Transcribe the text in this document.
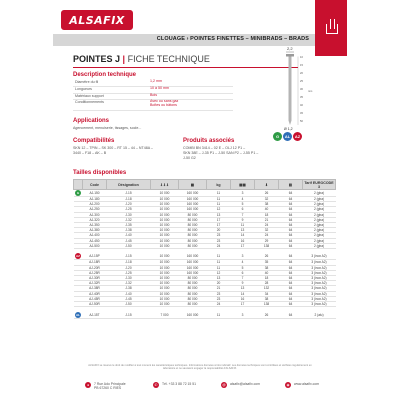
ALSAFIX
CLOUAGE › POINTES FINETTES – MINIBRADS – BRADS
POINTES J | FICHE TECHNIQUE
Description technique
Diamètre du fil	1,2 mm
Longueurs	10 à 50 mm
Matériaux support	Bois
Conditionnements	Avec ou sans gaz
Boîtes ou bâtons
Applications
Agencement, menuiserie, tissages, socle...
Compatibilités
SKN 12 – TPIN – SK 300 – RT 15 – 44 – NT48A –
3440 – F18 – AK – B
Produits associés
COMBI BN 3414 – 02 E – OLJ 12 P1 –
SKN 38E – J-35 P1 – J-50 SAN P2 – J-55 P1 –
J-50 G2
2,2
10
15
20
25
30
35
40
45
50
mm
Ø 1,2
G AL AZ
Tailles disponibles
	Code	Désignation	⇓⇓⇓	▦	kg	▦▦	⬇	▤	Tarif EUROCODE 3
G	AJ-150	J-15	10 000	160 000	11	3	26	64	2 (gba)
	AJ-180	J-18	10 000	160 000	11	4	32	64	2 (gba)
	AJ-200	J-20	10 000	160 000	11	5	38	64	2 (gba)
	AJ-250	J-25	10 000	160 000	12	6	40	64	2 (gba)
	AJ-300	J-30	10 000	80 000	13	7	18	64	2 (gba)
	AJ-320	J-32	10 000	80 000	17	9	21	64	2 (gba)
	AJ-350	J-35	10 000	80 000	17	11	24	64	2 (gba)
	AJ-380	J-38	10 000	80 000	20	13	32	64	2 (gba)
	AJ-400	J-40	10 000	80 000	23	14	24	64	2 (gba)
	AJ-450	J-45	10 000	80 000	23	16	29	64	2 (gba)
	AJ-500	J-50	10 000	80 000	24	17	138	64	2 (gba)

AZ	AJ-15P	J-15	10 000	160 000	11	3	26	64	3 (inox A2)
	AJ-18R	J-18	10 000	160 000	11	4	35	64	3 (inox A2)
	AJ-20R	J-20	10 000	160 000	11	5	38	64	3 (inox A2)
	AJ-25R	J-25	10 000	160 000	12	6	40	64	3 (inox A2)
	AJ-30R	J-30	10 000	80 000	13	7	18	64	3 (inox A2)
	AJ-32R	J-32	10 000	80 000	20	9	28	64	3 (inox A2)
	AJ-38R	J-38	10 000	80 000	21	13	132	64	3 (inox A2)
	AJ-40R	J-40	10 000	80 000	23	14	34	64	3 (inox A2)
	AJ-45R	J-45	10 000	80 000	23	16	38	64	3 (inox A2)
	AJ-50R	J-50	10 000	80 000	24	17	138	64	3 (inox A2)

AL	AJ-15T	J-15	7 000	160 000	11	3	26	64	2 (alu)
ALSAFIX se réserve le droit de modifier à tout moment les caractéristiques techniques. Informations données à titre indicatif. Les données techniques sont contrôlées et vérifiées régulièrement en laboratoire et ne sauraient engager la responsabilité d'ALSAFIX.
●	7 Rue Ado Principale
PB 67260 C RIES
✆	Tél. +33 3 88 72 15 51	@	alsafix@alsafix.com	◉	www.alsafix.com
